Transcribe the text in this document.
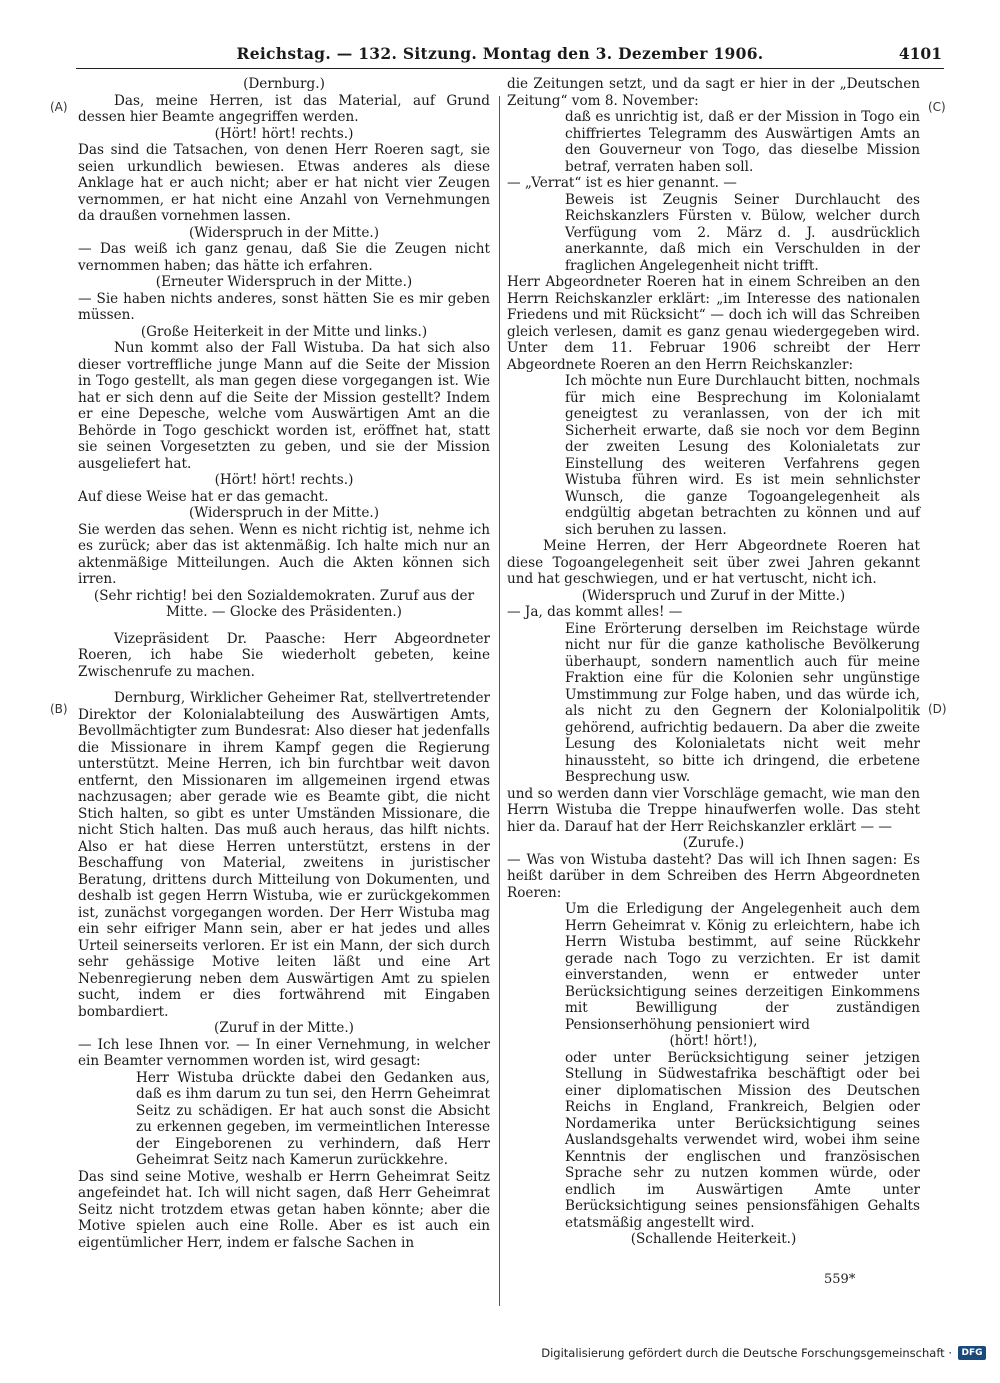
Reichstag. — 132. Sitzung. Montag den 3. Dezember 1906.	4101
(A)
(B)
(C)
(D)

(Dernburg.)

Das, meine Herren, ist das Material, auf Grund dessen hier Beamte angegriffen werden.

(Hört! hört! rechts.)

Das sind die Tatsachen, von denen Herr Roeren sagt, sie seien urkundlich bewiesen. Etwas anderes als diese Anklage hat er auch nicht; aber er hat nicht vier Zeugen vernommen, er hat nicht eine Anzahl von Vernehmungen da draußen vornehmen lassen.

(Widerspruch in der Mitte.)

— Das weiß ich ganz genau, daß Sie die Zeugen nicht vernommen haben; das hätte ich erfahren.

(Erneuter Widerspruch in der Mitte.)

— Sie haben nichts anderes, sonst hätten Sie es mir geben müssen.

(Große Heiterkeit in der Mitte und links.)

Nun kommt also der Fall Wistuba. Da hat sich also dieser vortreffliche junge Mann auf die Seite der Mission in Togo gestellt, als man gegen diese vorgegangen ist. Wie hat er sich denn auf die Seite der Mission gestellt? Indem er eine Depesche, welche vom Auswärtigen Amt an die Behörde in Togo geschickt worden ist, eröffnet hat, statt sie seinen Vorgesetzten zu geben, und sie der Mission ausgeliefert hat.

(Hört! hört! rechts.)

Auf diese Weise hat er das gemacht.

(Widerspruch in der Mitte.)

Sie werden das sehen. Wenn es nicht richtig ist, nehme ich es zurück; aber das ist aktenmäßig. Ich halte mich nur an aktenmäßige Mitteilungen. Auch die Akten können sich irren.

(Sehr richtig! bei den Sozialdemokraten. Zuruf aus der Mitte. — Glocke des Präsidenten.)

Vizepräsident Dr. Paasche: Herr Abgeordneter Roeren, ich habe Sie wiederholt gebeten, keine Zwischenrufe zu machen.

Dernburg, Wirklicher Geheimer Rat, stellvertretender Direktor der Kolonialabteilung des Auswärtigen Amts, Bevollmächtigter zum Bundesrat: Also dieser hat jedenfalls die Missionare in ihrem Kampf gegen die Regierung unterstützt. Meine Herren, ich bin furchtbar weit davon entfernt, den Missionaren im allgemeinen irgend etwas nachzusagen; aber gerade wie es Beamte gibt, die nicht Stich halten, so gibt es unter Umständen Missionare, die nicht Stich halten. Das muß auch heraus, das hilft nichts. Also er hat diese Herren unterstützt, erstens in der Beschaffung von Material, zweitens in juristischer Beratung, drittens durch Mitteilung von Dokumenten, und deshalb ist gegen Herrn Wistuba, wie er zurückgekommen ist, zunächst vorgegangen worden. Der Herr Wistuba mag ein sehr eifriger Mann sein, aber er hat jedes und alles Urteil seinerseits verloren. Er ist ein Mann, der sich durch sehr gehässige Motive leiten läßt und eine Art Nebenregierung neben dem Auswärtigen Amt zu spielen sucht, indem er dies fortwährend mit Eingaben bombardiert.

(Zuruf in der Mitte.)

— Ich lese Ihnen vor. — In einer Vernehmung, in welcher ein Beamter vernommen worden ist, wird gesagt:

Herr Wistuba drückte dabei den Gedanken aus, daß es ihm darum zu tun sei, den Herrn Geheimrat Seitz zu schädigen. Er hat auch sonst die Absicht zu erkennen gegeben, im vermeintlichen Interesse der Eingeborenen zu verhindern, daß Herr Geheimrat Seitz nach Kamerun zurückkehre.

Das sind seine Motive, weshalb er Herrn Geheimrat Seitz angefeindet hat. Ich will nicht sagen, daß Herr Geheimrat Seitz nicht trotzdem etwas getan haben könnte; aber die Motive spielen auch eine Rolle. Aber es ist auch ein eigentümlicher Herr, indem er falsche Sachen in

die Zeitungen setzt, und da sagt er hier in der „Deutschen Zeitung“ vom 8. November:

daß es unrichtig ist, daß er der Mission in Togo ein chiffriertes Telegramm des Auswärtigen Amts an den Gouverneur von Togo, das dieselbe Mission betraf, verraten haben soll.

— „Verrat“ ist es hier genannt. —

Beweis ist Zeugnis Seiner Durchlaucht des Reichskanzlers Fürsten v. Bülow, welcher durch Verfügung vom 2. März d. J. ausdrücklich anerkannte, daß mich ein Verschulden in der fraglichen Angelegenheit nicht trifft.

Herr Abgeordneter Roeren hat in einem Schreiben an den Herrn Reichskanzler erklärt: „im Interesse des nationalen Friedens und mit Rücksicht“ — doch ich will das Schreiben gleich verlesen, damit es ganz genau wiedergegeben wird. Unter dem 11. Februar 1906 schreibt der Herr Abgeordnete Roeren an den Herrn Reichskanzler:

Ich möchte nun Eure Durchlaucht bitten, nochmals für mich eine Besprechung im Kolonialamt geneigtest zu veranlassen, von der ich mit Sicherheit erwarte, daß sie noch vor dem Beginn der zweiten Lesung des Kolonialetats zur Einstellung des weiteren Verfahrens gegen Wistuba führen wird. Es ist mein sehnlichster Wunsch, die ganze Togoangelegenheit als endgültig abgetan betrachten zu können und auf sich beruhen zu lassen.

Meine Herren, der Herr Abgeordnete Roeren hat diese Togoangelegenheit seit über zwei Jahren gekannt und hat geschwiegen, und er hat vertuscht, nicht ich.

(Widerspruch und Zuruf in der Mitte.)

— Ja, das kommt alles! —

Eine Erörterung derselben im Reichstage würde nicht nur für die ganze katholische Bevölkerung überhaupt, sondern namentlich auch für meine Fraktion eine für die Kolonien sehr ungünstige Umstimmung zur Folge haben, und das würde ich, als nicht zu den Gegnern der Kolonialpolitik gehörend, aufrichtig bedauern. Da aber die zweite Lesung des Kolonialetats nicht weit mehr hinaussteht, so bitte ich dringend, die erbetene Besprechung usw.

und so werden dann vier Vorschläge gemacht, wie man den Herrn Wistuba die Treppe hinaufwerfen wolle. Das steht hier da. Darauf hat der Herr Reichskanzler erklärt — —

(Zurufe.)

— Was von Wistuba dasteht? Das will ich Ihnen sagen: Es heißt darüber in dem Schreiben des Herrn Abgeordneten Roeren:

Um die Erledigung der Angelegenheit auch dem Herrn Geheimrat v. König zu erleichtern, habe ich Herrn Wistuba bestimmt, auf seine Rückkehr gerade nach Togo zu verzichten. Er ist damit einverstanden, wenn er entweder unter Berücksichtigung seines derzeitigen Einkommens mit Bewilligung der zuständigen Pensionserhöhung pensioniert wird

(hört! hört!),

oder unter Berücksichtigung seiner jetzigen Stellung in Südwestafrika beschäftigt oder bei einer diplomatischen Mission des Deutschen Reichs in England, Frankreich, Belgien oder Nordamerika unter Berücksichtigung seines Auslandsgehalts verwendet wird, wobei ihm seine Kenntnis der englischen und französischen Sprache sehr zu nutzen kommen würde, oder endlich im Auswärtigen Amte unter Berücksichtigung seines pensionsfähigen Gehalts etatsmäßig angestellt wird.

(Schallende Heiterkeit.)

559*
Digitalisierung gefördert durch die Deutsche Forschungsgemeinschaft ·	DFG
